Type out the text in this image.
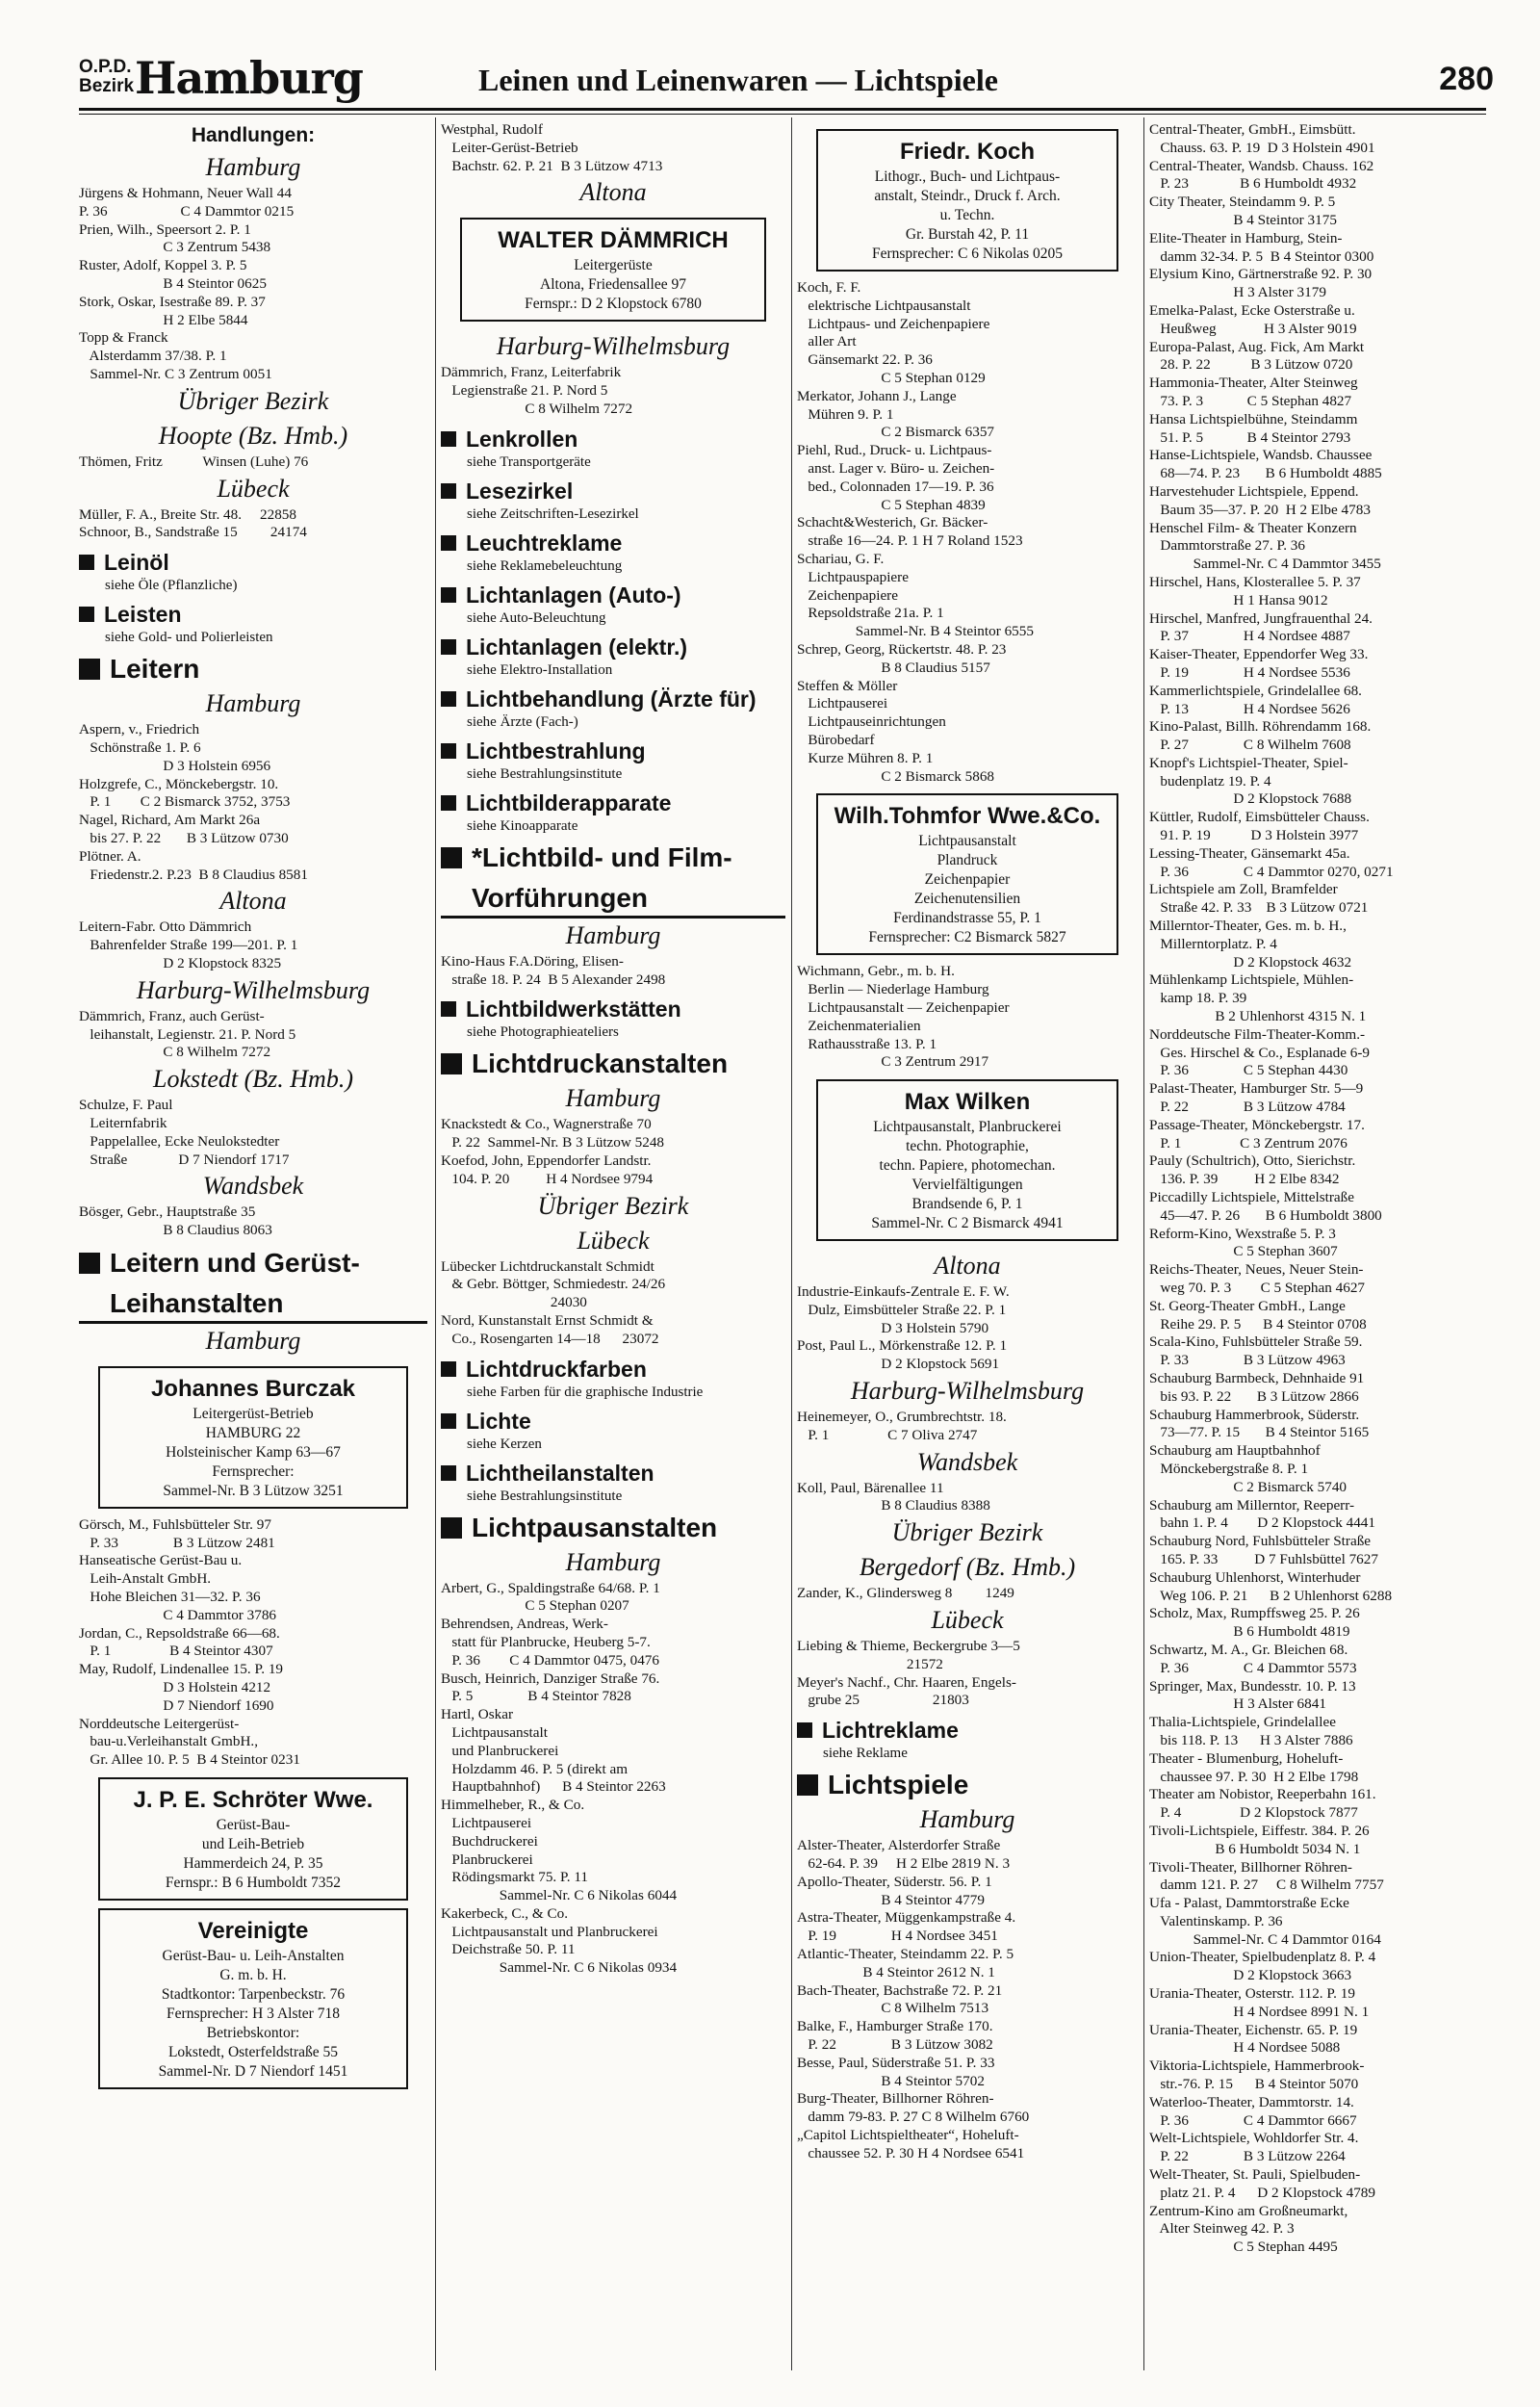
O.P.D.
Bezirk Hamburg	Leinen und Leinenwaren — Lichtspiele	280
Handlungen:
Hamburg
Jürgens & Hohmann, Neuer Wall 44
P. 36                    C 4 Dammtor 0215
Prien, Wilh., Speersort 2. P. 1
C 3 Zentrum 5438
Ruster, Adolf, Koppel 3. P. 5
B 4 Steintor 0625
Stork, Oskar, Isestraße 89. P. 37
H 2 Elbe 5844
Topp & Franck
Alsterdamm 37/38. P. 1
Sammel-Nr. C 3 Zentrum 0051
Übriger Bezirk
Hoopte (Bz. Hmb.)
Thömen, Fritz           Winsen (Luhe) 76
Lübeck
Müller, F. A., Breite Str. 48.     22858
Schnoor, B., Sandstraße 15         24174
Leinöl
siehe Öle (Pflanzliche)
Leisten
siehe Gold- und Polierleisten
Leitern
Hamburg
Aspern, v., Friedrich
Schönstraße 1. P. 6
D 3 Holstein 6956
Holzgrefe, C., Mönckebergstr. 10.
P. 1        C 2 Bismarck 3752, 3753
Nagel, Richard, Am Markt 26a
bis 27. P. 22       B 3 Lützow 0730
Plötner. A.
Friedenstr.2. P.23  B 8 Claudius 8581
Altona
Leitern-Fabr. Otto Dämmrich
Bahrenfelder Straße 199—201. P. 1
D 2 Klopstock 8325
Harburg-Wilhelmsburg
Dämmrich, Franz, auch Gerüst-
leihanstalt, Legienstr. 21. P. Nord 5
C 8 Wilhelm 7272
Lokstedt (Bz. Hmb.)
Schulze, F. Paul
Leiternfabrik
Pappelallee, Ecke Neulokstedter
Straße              D 7 Niendorf 1717
Wandsbek
Bösger, Gebr., Hauptstraße 35
B 8 Claudius 8063
Leitern und Gerüst-
Leihanstalten
Hamburg
Johannes Burczak
Leitergerüst-Betrieb
HAMBURG 22
Holsteinischer Kamp 63—67
Fernsprecher:
Sammel-Nr. B 3 Lützow 3251
Görsch, M., Fuhlsbütteler Str. 97
P. 33               B 3 Lützow 2481
Hanseatische Gerüst-Bau u.
Leih-Anstalt GmbH.
Hohe Bleichen 31—32. P. 36
C 4 Dammtor 3786
Jordan, C., Repsoldstraße 66—68.
P. 1                B 4 Steintor 4307
May, Rudolf, Lindenallee 15. P. 19
D 3 Holstein 4212
D 7 Niendorf 1690
Norddeutsche Leitergerüst-
bau-u.Verleihanstalt GmbH.,
Gr. Allee 10. P. 5  B 4 Steintor 0231
J. P. E. Schröter Wwe.
Gerüst-Bau-
und Leih-Betrieb
Hammerdeich 24, P. 35
Fernspr.: B 6 Humboldt 7352
Vereinigte
Gerüst-Bau- u. Leih-Anstalten
G. m. b. H.
Stadtkontor: Tarpenbeckstr. 76
Fernsprecher: H 3 Alster 718
Betriebskontor:
Lokstedt, Osterfeldstraße 55
Sammel-Nr. D 7 Niendorf 1451
Westphal, Rudolf
Leiter-Gerüst-Betrieb
Bachstr. 62. P. 21  B 3 Lützow 4713
Altona
WALTER DÄMMRICH
Leitergerüste
Altona, Friedensallee 97
Fernspr.: D 2 Klopstock 6780
Harburg-Wilhelmsburg
Dämmrich, Franz, Leiterfabrik
Legienstraße 21. P. Nord 5
C 8 Wilhelm 7272
Lenkrollen
siehe Transportgeräte
Lesezirkel
siehe Zeitschriften-Lesezirkel
Leuchtreklame
siehe Reklamebeleuchtung
Lichtanlagen (Auto-)
siehe Auto-Beleuchtung
Lichtanlagen (elektr.)
siehe Elektro-Installation
Lichtbehandlung (Ärzte für)
siehe Ärzte (Fach-)
Lichtbestrahlung
siehe Bestrahlungsinstitute
Lichtbilderapparate
siehe Kinoapparate
*Lichtbild- und Film-
Vorführungen
Hamburg
Kino-Haus F.A.Döring, Elisen-
straße 18. P. 24  B 5 Alexander 2498
Lichtbildwerkstätten
siehe Photographieateliers
Lichtdruckanstalten
Hamburg
Knackstedt & Co., Wagnerstraße 70
P. 22  Sammel-Nr. B 3 Lützow 5248
Koefod, John, Eppendorfer Landstr.
104. P. 20          H 4 Nordsee 9794
Übriger Bezirk
Lübeck
Lübecker Lichtdruckanstalt Schmidt
& Gebr. Böttger, Schmiedestr. 24/26
24030
Nord, Kunstanstalt Ernst Schmidt &
Co., Rosengarten 14—18      23072
Lichtdruckfarben
siehe Farben für die graphische Industrie
Lichte
siehe Kerzen
Lichtheilanstalten
siehe Bestrahlungsinstitute
Lichtpausanstalten
Hamburg
Arbert, G., Spaldingstraße 64/68. P. 1
C 5 Stephan 0207
Behrendsen, Andreas, Werk-
statt für Planbrucke, Heuberg 5-7.
P. 36        C 4 Dammtor 0475, 0476
Busch, Heinrich, Danziger Straße 76.
P. 5               B 4 Steintor 7828
Hartl, Oskar
Lichtpausanstalt
und Planbruckerei
Holzdamm 46. P. 5 (direkt am
Hauptbahnhof)      B 4 Steintor 2263
Himmelheber, R., & Co.
Lichtpauserei
Buchdruckerei
Planbruckerei
Rödingsmarkt 75. P. 11
Sammel-Nr. C 6 Nikolas 6044
Kakerbeck, C., & Co.
Lichtpausanstalt und Planbruckerei
Deichstraße 50. P. 11
Sammel-Nr. C 6 Nikolas 0934
Friedr. Koch
Lithogr., Buch- und Lichtpaus-
anstalt, Steindr., Druck f. Arch.
u. Techn.
Gr. Burstah 42, P. 11
Fernsprecher: C 6 Nikolas 0205
Koch, F. F.
elektrische Lichtpausanstalt
Lichtpaus- und Zeichenpapiere
aller Art
Gänsemarkt 22. P. 36
C 5 Stephan 0129
Merkator, Johann J., Lange
Mühren 9. P. 1
C 2 Bismarck 6357
Piehl, Rud., Druck- u. Lichtpaus-
anst. Lager v. Büro- u. Zeichen-
bed., Colonnaden 17—19. P. 36
C 5 Stephan 4839
Schacht&Westerich, Gr. Bäcker-
straße 16—24. P. 1 H 7 Roland 1523
Schariau, G. F.
Lichtpauspapiere
Zeichenpapiere
Repsoldstraße 21a. P. 1
Sammel-Nr. B 4 Steintor 6555
Schrep, Georg, Rückertstr. 48. P. 23
B 8 Claudius 5157
Steffen & Möller
Lichtpauserei
Lichtpauseinrichtungen
Bürobedarf
Kurze Mühren 8. P. 1
C 2 Bismarck 5868
Wilh.Tohmfor Wwe.&Co.
Lichtpausanstalt
Plandruck
Zeichenpapier
Zeichenutensilien
Ferdinandstrasse 55, P. 1
Fernsprecher: C2 Bismarck 5827
Wichmann, Gebr., m. b. H.
Berlin — Niederlage Hamburg
Lichtpausanstalt — Zeichenpapier
Zeichenmaterialien
Rathausstraße 13. P. 1
C 3 Zentrum 2917
Max Wilken
Lichtpausanstalt, Planbruckerei
techn. Photographie,
techn. Papiere, photomechan.
Vervielfältigungen
Brandsende 6, P. 1
Sammel-Nr. C 2 Bismarck 4941
Altona
Industrie-Einkaufs-Zentrale E. F. W.
Dulz, Eimsbütteler Straße 22. P. 1
D 3 Holstein 5790
Post, Paul L., Mörkenstraße 12. P. 1
D 2 Klopstock 5691
Harburg-Wilhelmsburg
Heinemeyer, O., Grumbrechtstr. 18.
P. 1                C 7 Oliva 2747
Wandsbek
Koll, Paul, Bärenallee 11
B 8 Claudius 8388
Übriger Bezirk
Bergedorf (Bz. Hmb.)
Zander, K., Glindersweg 8         1249
Lübeck
Liebing & Thieme, Beckergrube 3—5
21572
Meyer's Nachf., Chr. Haaren, Engels-
grube 25                    21803
Lichtreklame
siehe Reklame
Lichtspiele
Hamburg
Alster-Theater, Alsterdorfer Straße
62-64. P. 39     H 2 Elbe 2819 N. 3
Apollo-Theater, Süderstr. 56. P. 1
B 4 Steintor 4779
Astra-Theater, Müggenkampstraße 4.
P. 19               H 4 Nordsee 3451
Atlantic-Theater, Steindamm 22. P. 5
B 4 Steintor 2612 N. 1
Bach-Theater, Bachstraße 72. P. 21
C 8 Wilhelm 7513
Balke, F., Hamburger Straße 170.
P. 22               B 3 Lützow 3082
Besse, Paul, Süderstraße 51. P. 33
B 4 Steintor 5702
Burg-Theater, Billhorner Röhren-
damm 79-83. P. 27 C 8 Wilhelm 6760
„Capitol Lichtspieltheater“, Hoheluft-
chaussee 52. P. 30 H 4 Nordsee 6541
Central-Theater, GmbH., Eimsbütt.
Chauss. 63. P. 19  D 3 Holstein 4901
Central-Theater, Wandsb. Chauss. 162
P. 23              B 6 Humboldt 4932
City Theater, Steindamm 9. P. 5
B 4 Steintor 3175
Elite-Theater in Hamburg, Stein-
damm 32-34. P. 5  B 4 Steintor 0300
Elysium Kino, Gärtnerstraße 92. P. 30
H 3 Alster 3179
Emelka-Palast, Ecke Osterstraße u.
Heußweg             H 3 Alster 9019
Europa-Palast, Aug. Fick, Am Markt
28. P. 22           B 3 Lützow 0720
Hammonia-Theater, Alter Steinweg
73. P. 3            C 5 Stephan 4827
Hansa Lichtspielbühne, Steindamm
51. P. 5            B 4 Steintor 2793
Hanse-Lichtspiele, Wandsb. Chaussee
68—74. P. 23       B 6 Humboldt 4885
Harvestehuder Lichtspiele, Eppend.
Baum 35—37. P. 20  H 2 Elbe 4783
Henschel Film- & Theater Konzern
Dammtorstraße 27. P. 36
Sammel-Nr. C 4 Dammtor 3455
Hirschel, Hans, Klosterallee 5. P. 37
H 1 Hansa 9012
Hirschel, Manfred, Jungfrauenthal 24.
P. 37               H 4 Nordsee 4887
Kaiser-Theater, Eppendorfer Weg 33.
P. 19               H 4 Nordsee 5536
Kammerlichtspiele, Grindelallee 68.
P. 13               H 4 Nordsee 5626
Kino-Palast, Billh. Röhrendamm 168.
P. 27               C 8 Wilhelm 7608
Knopf's Lichtspiel-Theater, Spiel-
budenplatz 19. P. 4
D 2 Klopstock 7688
Küttler, Rudolf, Eimsbütteler Chauss.
91. P. 19           D 3 Holstein 3977
Lessing-Theater, Gänsemarkt 45a.
P. 36               C 4 Dammtor 0270, 0271
Lichtspiele am Zoll, Bramfelder
Straße 42. P. 33    B 3 Lützow 0721
Millerntor-Theater, Ges. m. b. H.,
Millerntorplatz. P. 4
D 2 Klopstock 4632
Mühlenkamp Lichtspiele, Mühlen-
kamp 18. P. 39
B 2 Uhlenhorst 4315 N. 1
Norddeutsche Film-Theater-Komm.-
Ges. Hirschel & Co., Esplanade 6-9
P. 36               C 5 Stephan 4430
Palast-Theater, Hamburger Str. 5—9
P. 22               B 3 Lützow 4784
Passage-Theater, Mönckebergstr. 17.
P. 1                C 3 Zentrum 2076
Pauly (Schultrich), Otto, Sierichstr.
136. P. 39          H 2 Elbe 8342
Piccadilly Lichtspiele, Mittelstraße
45—47. P. 26       B 6 Humboldt 3800
Reform-Kino, Wexstraße 5. P. 3
C 5 Stephan 3607
Reichs-Theater, Neues, Neuer Stein-
weg 70. P. 3        C 5 Stephan 4627
St. Georg-Theater GmbH., Lange
Reihe 29. P. 5      B 4 Steintor 0708
Scala-Kino, Fuhlsbütteler Straße 59.
P. 33               B 3 Lützow 4963
Schauburg Barmbeck, Dehnhaide 91
bis 93. P. 22       B 3 Lützow 2866
Schauburg Hammerbrook, Süderstr.
73—77. P. 15       B 4 Steintor 5165
Schauburg am Hauptbahnhof
Mönckebergstraße 8. P. 1
C 2 Bismarck 5740
Schauburg am Millerntor, Reeperr-
bahn 1. P. 4        D 2 Klopstock 4441
Schauburg Nord, Fuhlsbütteler Straße
165. P. 33          D 7 Fuhlsbüttel 7627
Schauburg Uhlenhorst, Winterhuder
Weg 106. P. 21      B 2 Uhlenhorst 6288
Scholz, Max, Rumpffsweg 25. P. 26
B 6 Humboldt 4819
Schwartz, M. A., Gr. Bleichen 68.
P. 36               C 4 Dammtor 5573
Springer, Max, Bundesstr. 10. P. 13
H 3 Alster 6841
Thalia-Lichtspiele, Grindelallee
bis 118. P. 13      H 3 Alster 7886
Theater - Blumenburg, Hoheluft-
chaussee 97. P. 30  H 2 Elbe 1798
Theater am Nobistor, Reeperbahn 161.
P. 4                D 2 Klopstock 7877
Tivoli-Lichtspiele, Eiffestr. 384. P. 26
B 6 Humboldt 5034 N. 1
Tivoli-Theater, Billhorner Röhren-
damm 121. P. 27     C 8 Wilhelm 7757
Ufa - Palast, Dammtorstraße Ecke
Valentinskamp. P. 36
Sammel-Nr. C 4 Dammtor 0164
Union-Theater, Spielbudenplatz 8. P. 4
D 2 Klopstock 3663
Urania-Theater, Osterstr. 112. P. 19
H 4 Nordsee 8991 N. 1
Urania-Theater, Eichenstr. 65. P. 19
H 4 Nordsee 5088
Viktoria-Lichtspiele, Hammerbrook-
str.-76. P. 15      B 4 Steintor 5070
Waterloo-Theater, Dammtorstr. 14.
P. 36               C 4 Dammtor 6667
Welt-Lichtspiele, Wohldorfer Str. 4.
P. 22               B 3 Lützow 2264
Welt-Theater, St. Pauli, Spielbuden-
platz 21. P. 4      D 2 Klopstock 4789
Zentrum-Kino am Großneumarkt,
Alter Steinweg 42. P. 3
C 5 Stephan 4495
